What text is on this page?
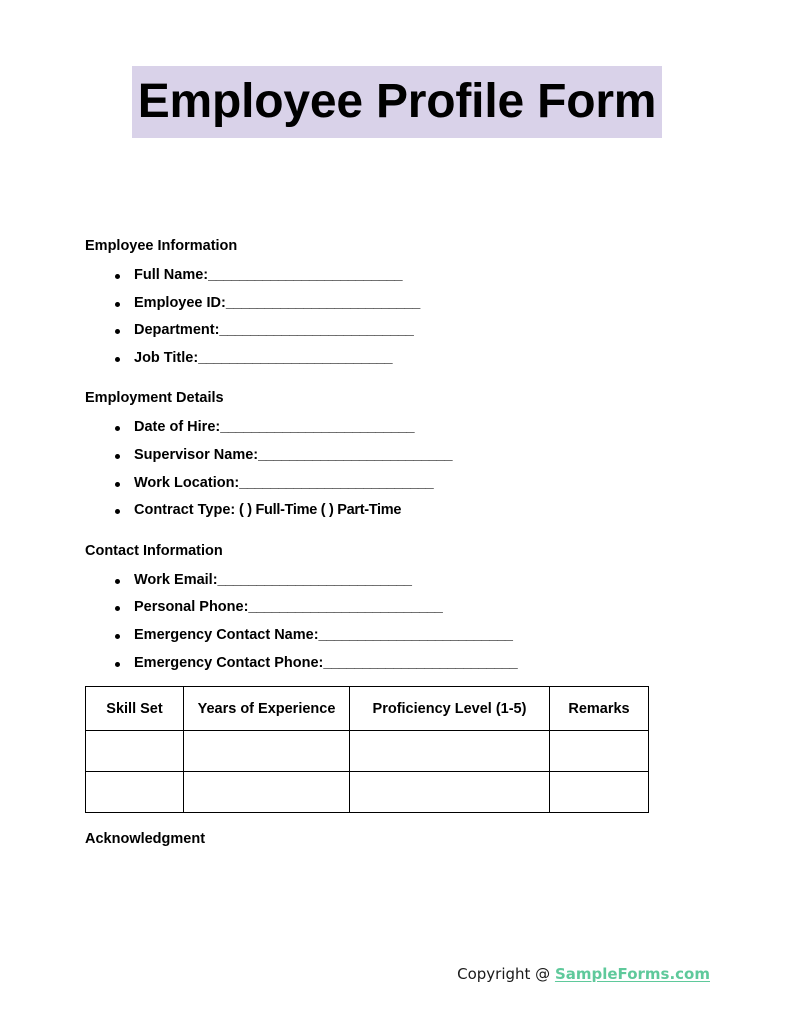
Employee Profile Form

Employee Information

Full Name:_________________________
Employee ID:_________________________
Department:_________________________
Job Title:_________________________

Employment Details

Date of Hire:_________________________
Supervisor Name:_________________________
Work Location:_________________________
Contract Type: ( ) Full-Time ( ) Part-Time

Contact Information

Work Email:_________________________
Personal Phone:_________________________
Emergency Contact Name:_________________________
Emergency Contact Phone:_________________________
Skill Set	Years of Experience	Proficiency Level (1-5)	Remarks

Acknowledgment

Copyright @ SampleForms.com
